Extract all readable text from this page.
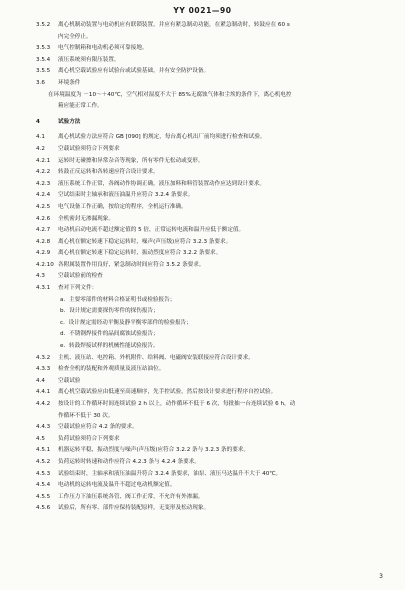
YY 0021—90
3.5.2 离心机制动装置与电动机应有联锁装置，并应有紧急制动功能，在紧急制动时，转鼓应在 60 s
内完全停止。
3.5.3 电气控制箱和电动机必须可靠接地。
3.5.4 液压系统须有限压装置。
3.5.5 离心机空载试验应有试验台或试验基础，并有安全防护设备。
3.6 环境条件
在环境温度为 －10～＋40℃，空气相对湿度不大于 85%无腐蚀气体和尘埃的条件下，离心机电控
箱应能正常工作。
4	试验方法
4.1 离心机试验方法应符合 GB [090] 的规定，每台离心机出厂前均须进行检查和试验。
4.2 空载试验须符合下列要求
4.2.1 运转时无碰擦和异常杂音等现象，所有零件无松动或变形。
4.2.2 转鼓正反运转和各转速应符合设计要求。
4.2.3 液压系统工作正常，各阀动作协调正确，液压加料和料管装置动作应达到设计要求。
4.2.4 空试结束时主轴承和液压油温升应符合 3.2.4 条要求。
4.2.5 电气设备工作正确，按给定的程序，全机运行准确。
4.2.6 全机密封无渗漏现象。
4.2.7 电动机启动电流不超过额定值的 5 倍，正常运转电流和温升应低于额定值。
4.2.8 离心机在额定转速下稳定运转时，噪声(声压级)应符合 3.2.3 条要求。
4.2.9 离心机在额定转速下稳定运转时，振动烈度应符合 3.2.2 条要求。
4.2.10 各附属装置作用良好，紧急制动时间应符合 3.5.2 条要求。
4.3 空载试验前的检查
4.3.1 查对下列文件：
a．主要零部件的材料合格证明书或检验报告；
b．设计规定需要探伤零件的探伤报告；
c．设计规定需经动平衡及静平衡零部件的检验报告；
d．不锈钢焊接件的晶间腐蚀试验报告；
e．转鼓焊接试样的机械性能试验报告。
4.3.2 主机、液压站、电控箱、外机附件、给料阀、电磁阀安装联接应符合设计要求。
4.3.3 检查全机的装配和外观质量及液压站油位。
4.4 空载试验
4.4.1 离心机空载试验应由低速至高速顺序，先手控试验，然后按设计要求进行程序自控试验。
4.4.2 按设计的工作循环时间连续试验 2 h 以上，动作循环不低于 6 次，每批抽一台连续试验 6 h，动
作循环不低于 30 次。
4.4.3 空载试验应符合 4.2 条的要求。
4.5 负荷试验须符合下列要求
4.5.1 机器运转平稳，振动烈度与噪声(声压级)应符合 3.2.2 条与 3.2.3 条的要求。
4.5.2 负荷运转时转速和动作应符合 4.2.3 条与 4.2.4 条要求。
4.5.3 试验结束时，主轴承和液压油温升符合 3.2.4 条要求，油泵、液压马达温升不大于 40℃。
4.5.4 电动机的运转电流及温升不超过电动机额定值。
4.5.5 工作压力下油压系统各管、阀工作正常，不允许有外渗漏。
4.5.6 试验后，所有零、部件应保持装配原样，无变形及松动现象。
3
